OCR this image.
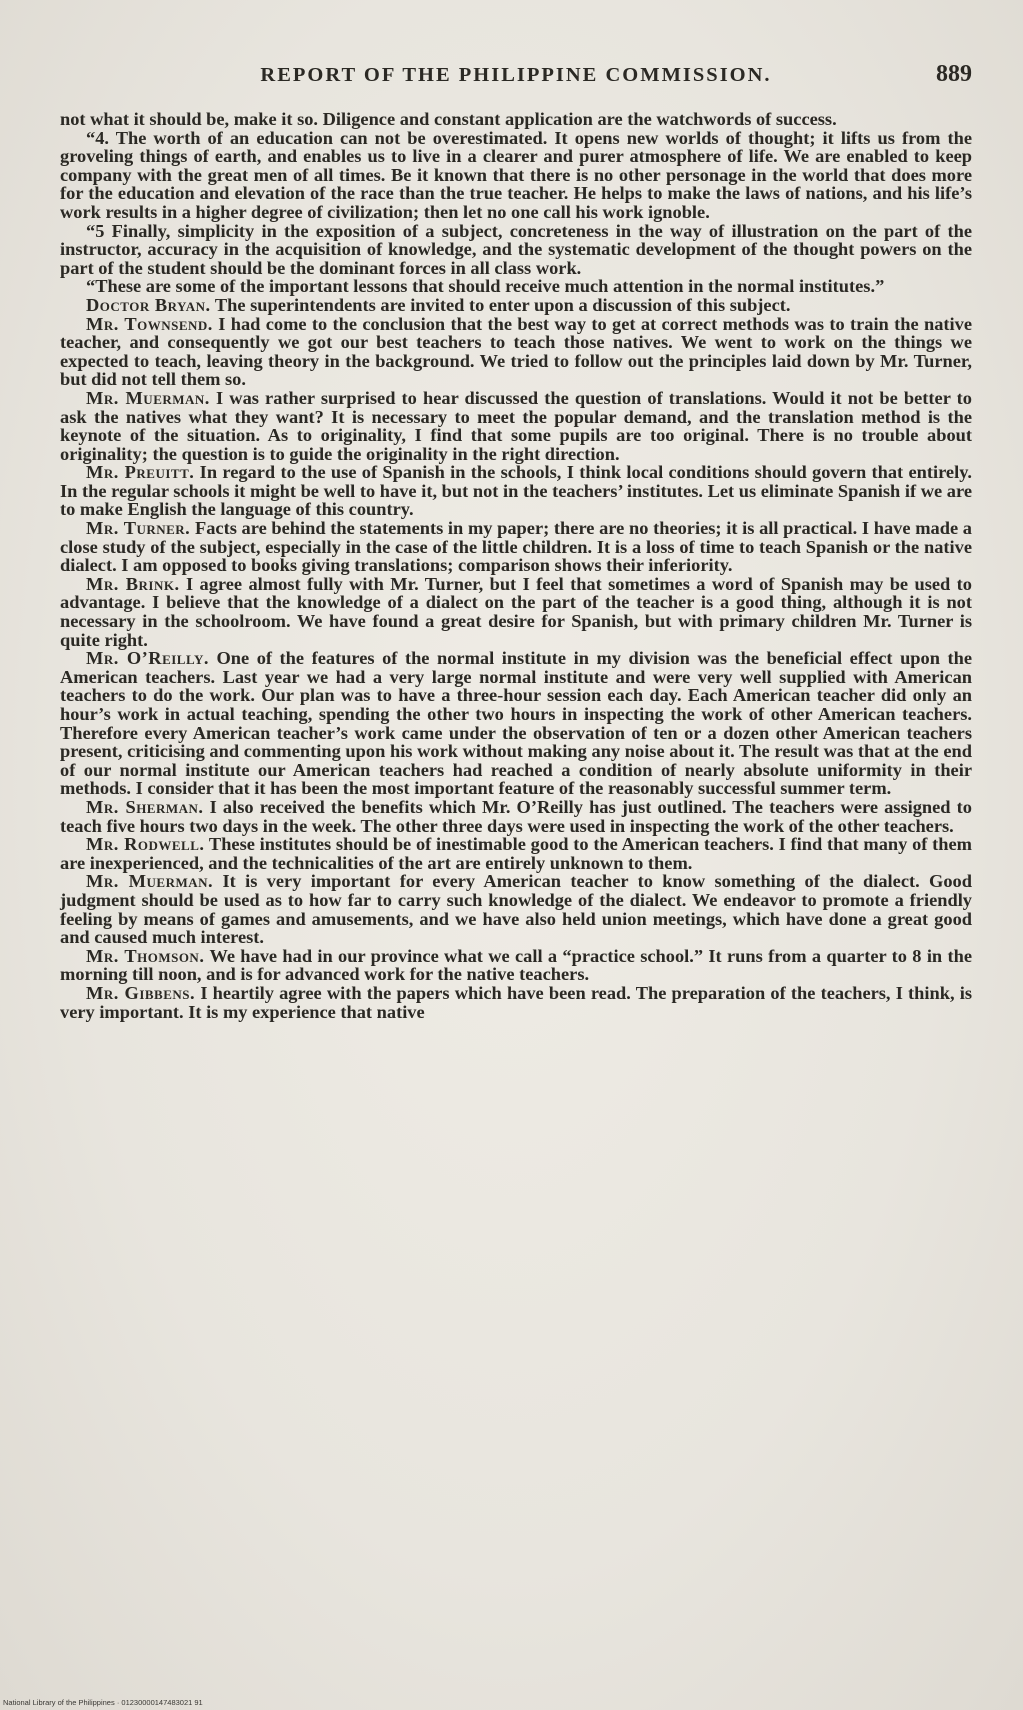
REPORT OF THE PHILIPPINE COMMISSION.	889

not what it should be, make it so. Diligence and constant application are the watchwords of success.

“4. The worth of an education can not be overestimated. It opens new worlds of thought; it lifts us from the groveling things of earth, and enables us to live in a clearer and purer atmosphere of life. We are enabled to keep company with the great men of all times. Be it known that there is no other personage in the world that does more for the education and elevation of the race than the true teacher. He helps to make the laws of nations, and his life’s work results in a higher degree of civilization; then let no one call his work ignoble.

“5 Finally, simplicity in the exposition of a subject, concreteness in the way of illustration on the part of the instructor, accuracy in the acquisition of knowledge, and the systematic development of the thought powers on the part of the student should be the dominant forces in all class work.

“These are some of the important lessons that should receive much attention in the normal institutes.”

Doctor Bryan. The superintendents are invited to enter upon a discussion of this subject.

Mr. Townsend. I had come to the conclusion that the best way to get at correct methods was to train the native teacher, and consequently we got our best teachers to teach those natives. We went to work on the things we expected to teach, leaving theory in the background. We tried to follow out the principles laid down by Mr. Turner, but did not tell them so.

Mr. Muerman. I was rather surprised to hear discussed the question of translations. Would it not be better to ask the natives what they want? It is necessary to meet the popular demand, and the translation method is the keynote of the situation. As to originality, I find that some pupils are too original. There is no trouble about originality; the question is to guide the originality in the right direction.

Mr. Preuitt. In regard to the use of Spanish in the schools, I think local conditions should govern that entirely. In the regular schools it might be well to have it, but not in the teachers’ institutes. Let us eliminate Spanish if we are to make English the language of this country.

Mr. Turner. Facts are behind the statements in my paper; there are no theories; it is all practical. I have made a close study of the subject, especially in the case of the little children. It is a loss of time to teach Spanish or the native dialect. I am opposed to books giving translations; comparison shows their inferiority.

Mr. Brink. I agree almost fully with Mr. Turner, but I feel that sometimes a word of Spanish may be used to advantage. I believe that the knowledge of a dialect on the part of the teacher is a good thing, although it is not necessary in the schoolroom. We have found a great desire for Spanish, but with primary children Mr. Turner is quite right.

Mr. O’Reilly. One of the features of the normal institute in my division was the beneficial effect upon the American teachers. Last year we had a very large normal institute and were very well supplied with American teachers to do the work. Our plan was to have a three-hour session each day. Each American teacher did only an hour’s work in actual teaching, spending the other two hours in inspecting the work of other American teachers. Therefore every American teacher’s work came under the observation of ten or a dozen other American teachers present, criticising and commenting upon his work without making any noise about it. The result was that at the end of our normal institute our American teachers had reached a condition of nearly absolute uniformity in their methods. I consider that it has been the most important feature of the reasonably successful summer term.

Mr. Sherman. I also received the benefits which Mr. O’Reilly has just outlined. The teachers were assigned to teach five hours two days in the week. The other three days were used in inspecting the work of the other teachers.

Mr. Rodwell. These institutes should be of inestimable good to the American teachers. I find that many of them are inexperienced, and the technicalities of the art are entirely unknown to them.

Mr. Muerman. It is very important for every American teacher to know something of the dialect. Good judgment should be used as to how far to carry such knowledge of the dialect. We endeavor to promote a friendly feeling by means of games and amusements, and we have also held union meetings, which have done a great good and caused much interest.

Mr. Thomson. We have had in our province what we call a “practice school.” It runs from a quarter to 8 in the morning till noon, and is for advanced work for the native teachers.

Mr. Gibbens. I heartily agree with the papers which have been read. The preparation of the teachers, I think, is very important. It is my experience that native

National Library of the Philippines · 01230000147483021 91
